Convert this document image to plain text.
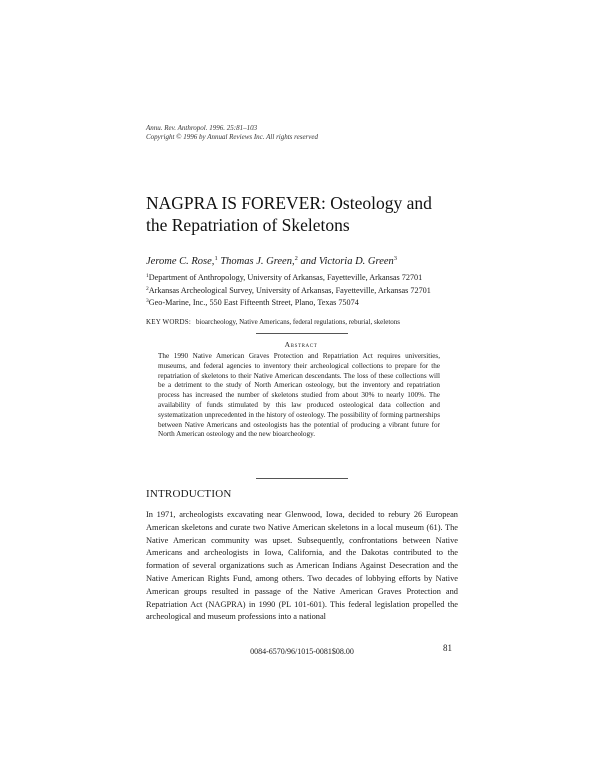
Annu. Rev. Anthropol. 1996. 25:81–103
Copyright © 1996 by Annual Reviews Inc. All rights reserved
NAGPRA IS FOREVER: Osteology and
the Repatriation of Skeletons
Jerome C. Rose,$^1$ Thomas J. Green,$^2$ and Victoria D. Green$^3$
$^1$Department of Anthropology, University of Arkansas, Fayetteville, Arkansas 72701
$^2$Arkansas Archeological Survey, University of Arkansas, Fayetteville, Arkansas 72701
$^3$Geo-Marine, Inc., 550 East Fifteenth Street, Plano, Texas 75074
KEY WORDS: bioarcheology, Native Americans, federal regulations, reburial, skeletons
Abstract
The 1990 Native American Graves Protection and Repatriation Act requires universities, museums, and federal agencies to inventory their archeological collections to prepare for the repatriation of skeletons to their Native American descendants. The loss of these collections will be a detriment to the study of North American osteology, but the inventory and repatriation process has increased the number of skeletons studied from about 30% to nearly 100%. The availability of funds stimulated by this law produced osteological data collection and systematization unprecedented in the history of osteology. The possibility of forming partnerships between Native Americans and osteologists has the potential of producing a vibrant future for North American osteology and the new bioarcheology.
INTRODUCTION

In 1971, archeologists excavating near Glenwood, Iowa, decided to rebury 26 European American skeletons and curate two Native American skeletons in a local museum (61). The Native American community was upset. Subsequently, confrontations between Native Americans and archeologists in Iowa, California, and the Dakotas contributed to the formation of several organizations such as American Indians Against Desecration and the Native American Rights Fund, among others. Two decades of lobbying efforts by Native American groups resulted in passage of the Native American Graves Protection and Repatriation Act (NAGPRA) in 1990 (PL 101-601). This federal legislation propelled the archeological and museum professions into a national

0084-6570/96/1015-0081$08.00	81
